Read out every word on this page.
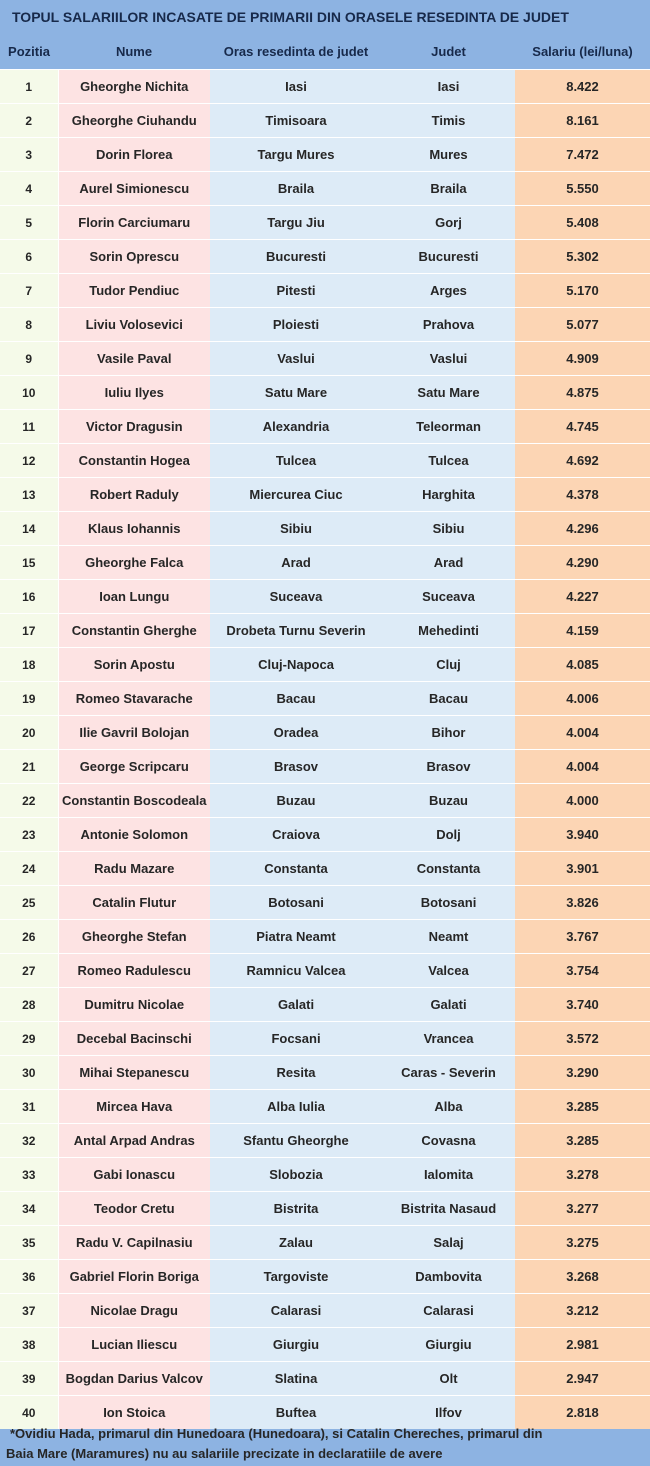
TOPUL SALARIILOR INCASATE DE PRIMARII DIN ORASELE RESEDINTA DE JUDET
Pozitia	Nume	Oras resedinta de judet	Judet	Salariu (lei/luna)
1	Gheorghe Nichita	Iasi	Iasi	8.422
2	Gheorghe Ciuhandu	Timisoara	Timis	8.161
3	Dorin Florea	Targu Mures	Mures	7.472
4	Aurel Simionescu	Braila	Braila	5.550
5	Florin Carciumaru	Targu Jiu	Gorj	5.408
6	Sorin Oprescu	Bucuresti	Bucuresti	5.302
7	Tudor Pendiuc	Pitesti	Arges	5.170
8	Liviu Volosevici	Ploiesti	Prahova	5.077
9	Vasile Paval	Vaslui	Vaslui	4.909
10	Iuliu Ilyes	Satu Mare	Satu Mare	4.875
11	Victor Dragusin	Alexandria	Teleorman	4.745
12	Constantin Hogea	Tulcea	Tulcea	4.692
13	Robert Raduly	Miercurea Ciuc	Harghita	4.378
14	Klaus Iohannis	Sibiu	Sibiu	4.296
15	Gheorghe Falca	Arad	Arad	4.290
16	Ioan Lungu	Suceava	Suceava	4.227
17	Constantin Gherghe	Drobeta Turnu Severin	Mehedinti	4.159
18	Sorin Apostu	Cluj-Napoca	Cluj	4.085
19	Romeo Stavarache	Bacau	Bacau	4.006
20	Ilie Gavril Bolojan	Oradea	Bihor	4.004
21	George Scripcaru	Brasov	Brasov	4.004
22	Constantin Boscodeala	Buzau	Buzau	4.000
23	Antonie Solomon	Craiova	Dolj	3.940
24	Radu Mazare	Constanta	Constanta	3.901
25	Catalin Flutur	Botosani	Botosani	3.826
26	Gheorghe Stefan	Piatra Neamt	Neamt	3.767
27	Romeo Radulescu	Ramnicu Valcea	Valcea	3.754
28	Dumitru Nicolae	Galati	Galati	3.740
29	Decebal Bacinschi	Focsani	Vrancea	3.572
30	Mihai Stepanescu	Resita	Caras - Severin	3.290
31	Mircea Hava	Alba Iulia	Alba	3.285
32	Antal Arpad Andras	Sfantu Gheorghe	Covasna	3.285
33	Gabi Ionascu	Slobozia	Ialomita	3.278
34	Teodor Cretu	Bistrita	Bistrita Nasaud	3.277
35	Radu V. Capilnasiu	Zalau	Salaj	3.275
36	Gabriel Florin Boriga	Targoviste	Dambovita	3.268
37	Nicolae Dragu	Calarasi	Calarasi	3.212
38	Lucian Iliescu	Giurgiu	Giurgiu	2.981
39	Bogdan Darius Valcov	Slatina	Olt	2.947
40	Ion Stoica	Buftea	Ilfov	2.818
*Ovidiu Hada, primarul din Hunedoara (Hunedoara), si Catalin Chereches, primarul din
Baia Mare (Maramures) nu au salariile precizate in declaratiile de avere
